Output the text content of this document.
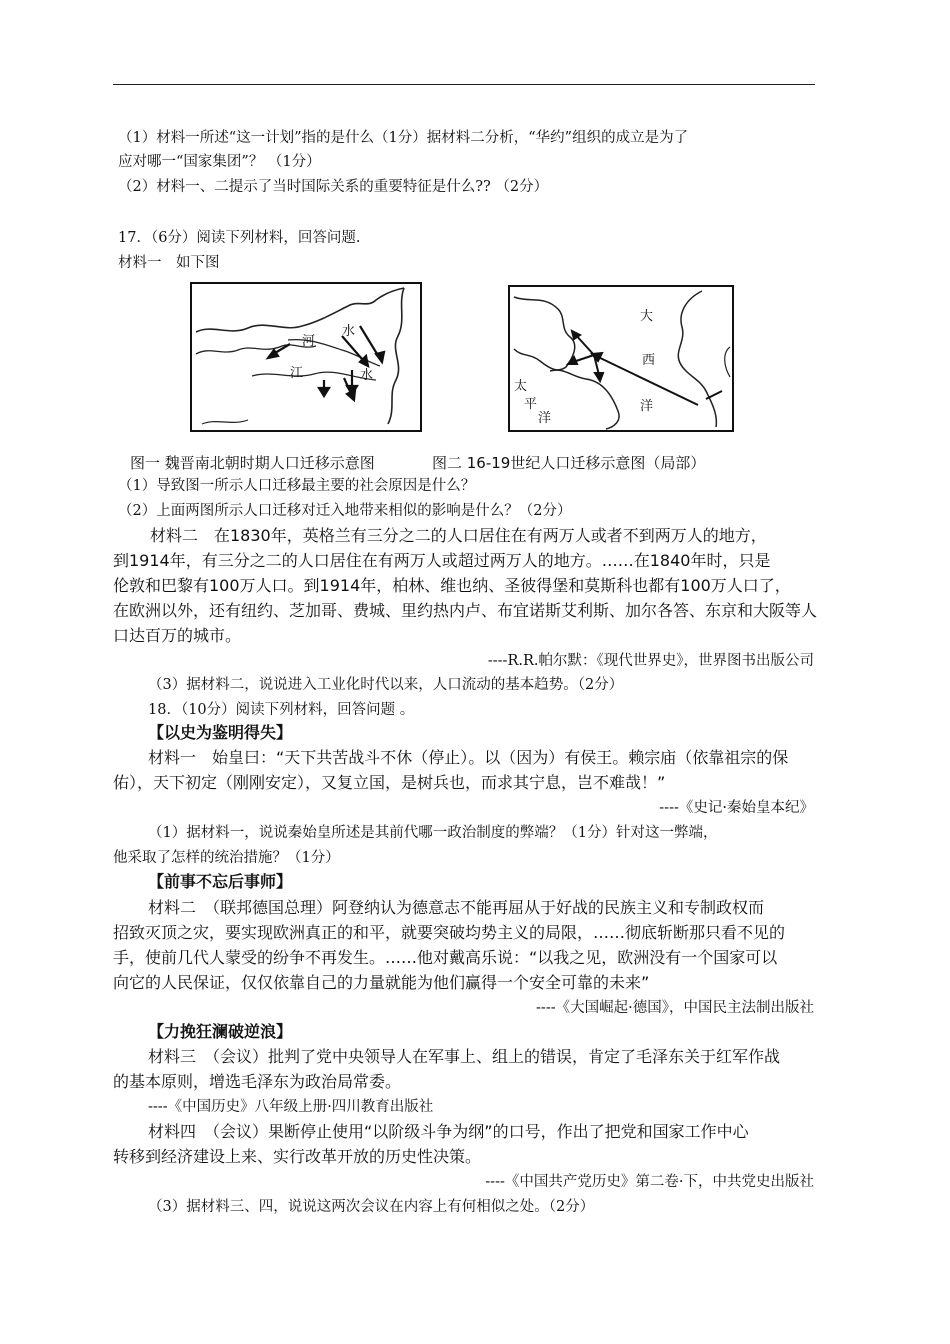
（1）材料一所述“这一计划”指的是什么（1分）据材料二分析，“华约”组织的成立是为了
应对哪一“国家集团”？ （1分）
（2）材料一、二提示了当时国际关系的重要特征是什么?? （2分）
17．（6分）阅读下列材料，回答问题.
材料一　如下图
河
水
江	水
大
西
洋
太
平
洋
图一 魏晋南北朝时期人口迁移示意图	图二 16-19世纪人口迁移示意图（局部）
（1）导致图一所示人口迁移最主要的社会原因是什么？
（2）上面两图所示人口迁移对迁入地带来相似的影响是什么？（2分）
材料二　在1830年，英格兰有三分之二的人口居住在有两万人或者不到两万人的地方，
到1914年，有三分之二的人口居住在有两万人或超过两万人的地方。……在1840年时，只是
伦敦和巴黎有100万人口。到1914年，柏林、维也纳、圣彼得堡和莫斯科也都有100万人口了，
在欧洲以外，还有纽约、芝加哥、费城、里约热内卢、布宜诺斯艾利斯、加尔各答、东京和大阪等人
口达百万的城市。
----R.R.帕尔默：《现代世界史》，世界图书出版公司
（3）据材料二，说说进入工业化时代以来，人口流动的基本趋势。（2分）
18．（10分）阅读下列材料，回答问题 。
【以史为鉴明得失】
材料一　始皇曰：“天下共苦战斗不休（停止）。以（因为）有侯王。赖宗庙（依靠祖宗的保
佑），天下初定（刚刚安定），又复立国，是树兵也，而求其宁息，岂不难哉！”
----《史记·秦始皇本纪》
（1）据材料一，说说秦始皇所述是其前代哪一政治制度的弊端？（1分）针对这一弊端，
他采取了怎样的统治措施？（1分）
【前事不忘后事师】
材料二　（联邦德国总理）阿登纳认为德意志不能再屈从于好战的民族主义和专制政权而
招致灭顶之灾，要实现欧洲真正的和平，就要突破均势主义的局限，……彻底斩断那只看不见的
手，使前几代人蒙受的纷争不再发生。……他对戴高乐说：“以我之见，欧洲没有一个国家可以
向它的人民保证，仅仅依靠自己的力量就能为他们赢得一个安全可靠的未来”
----《大国崛起·德国》，中国民主法制出版社
【力挽狂澜破逆浪】
材料三　（会议）批判了党中央领导人在军事上、组上的错误，肯定了毛泽东关于红军作战
的基本原则，增选毛泽东为政治局常委。
----《中国历史》八年级上册·四川教育出版社
材料四　（会议）果断停止使用“以阶级斗争为纲”的口号，作出了把党和国家工作中心
转移到经济建设上来、实行改革开放的历史性决策。
----《中国共产党历史》第二卷·下，中共党史出版社
（3）据材料三、四，说说这两次会议在内容上有何相似之处。（2分）
